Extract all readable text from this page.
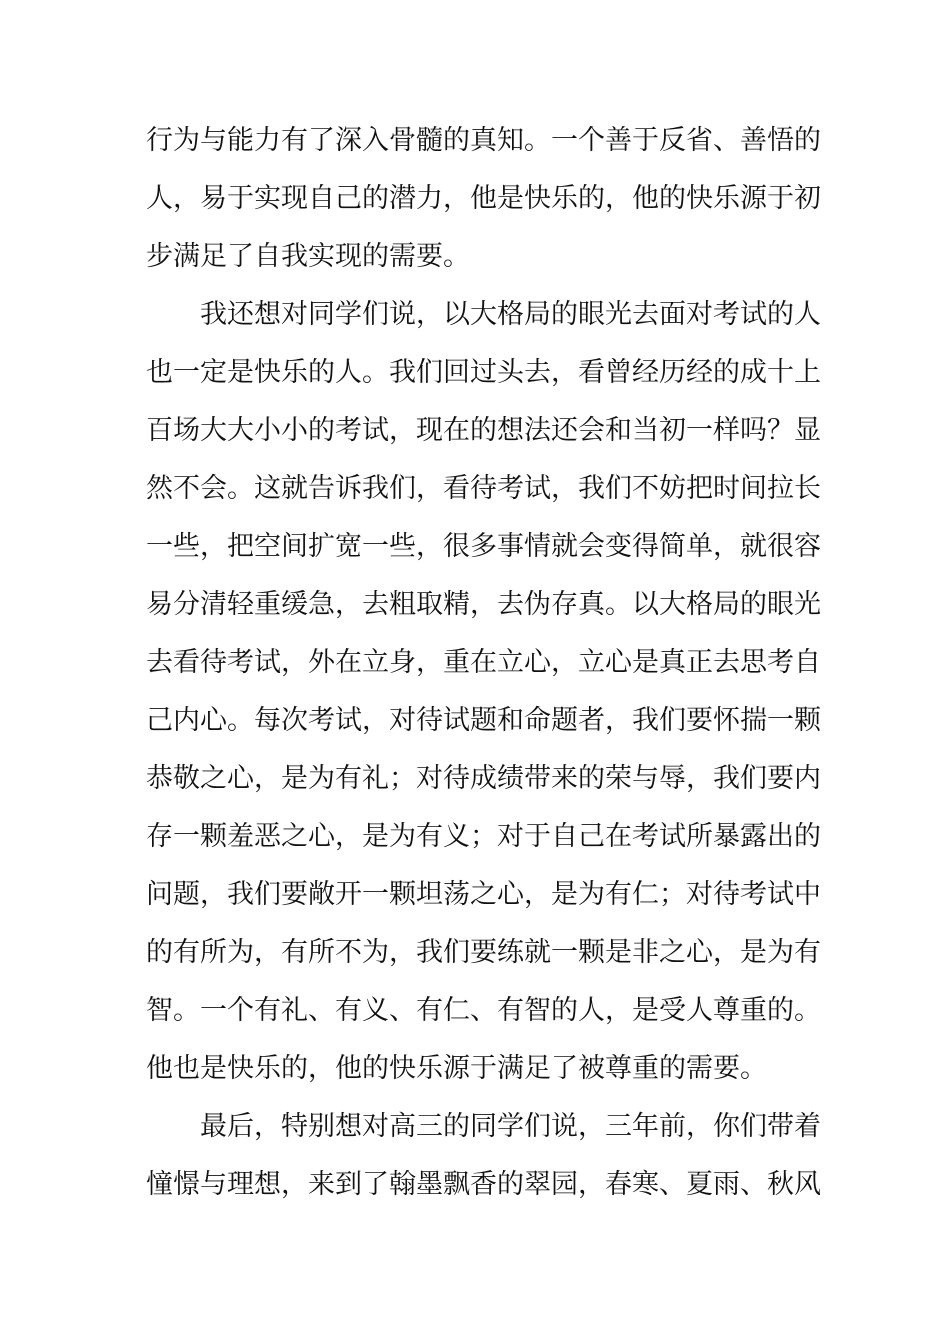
行为与能力有了深入骨髓的真知。一个善于反省、善悟的
人，易于实现自己的潜力，他是快乐的，他的快乐源于初
步满足了自我实现的需要。
我还想对同学们说，以大格局的眼光去面对考试的人
也一定是快乐的人。我们回过头去，看曾经历经的成十上
百场大大小小的考试，现在的想法还会和当初一样吗？显
然不会。这就告诉我们，看待考试，我们不妨把时间拉长
一些，把空间扩宽一些，很多事情就会变得简单，就很容
易分清轻重缓急，去粗取精，去伪存真。以大格局的眼光
去看待考试，外在立身，重在立心，立心是真正去思考自
己内心。每次考试，对待试题和命题者，我们要怀揣一颗
恭敬之心，是为有礼；对待成绩带来的荣与辱，我们要内
存一颗羞恶之心，是为有义；对于自己在考试所暴露出的
问题，我们要敞开一颗坦荡之心，是为有仁；对待考试中
的有所为，有所不为，我们要练就一颗是非之心，是为有
智。一个有礼、有义、有仁、有智的人，是受人尊重的。
他也是快乐的，他的快乐源于满足了被尊重的需要。
最后，特别想对高三的同学们说，三年前，你们带着
憧憬与理想，来到了翰墨飘香的翠园，春寒、夏雨、秋风
